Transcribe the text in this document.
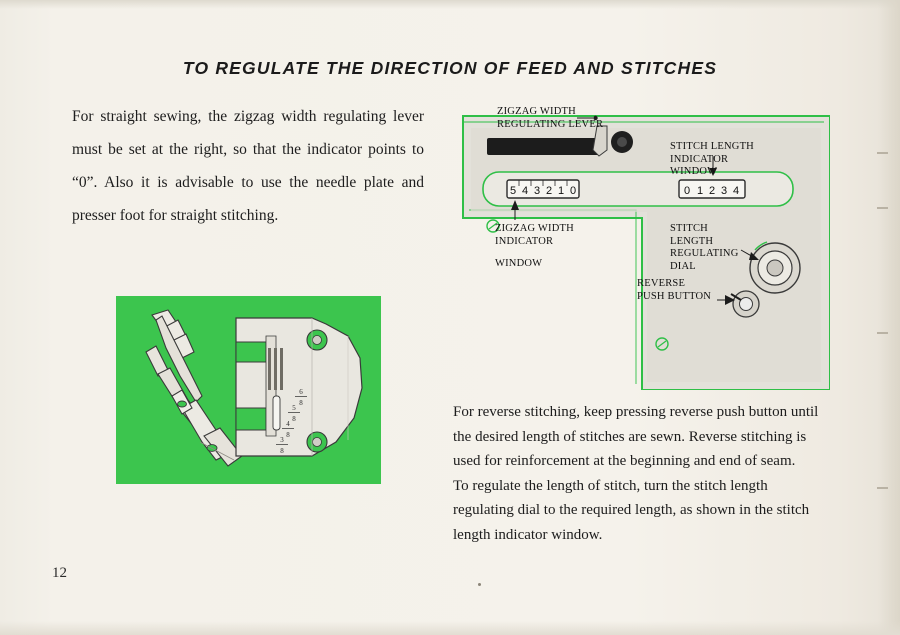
TO REGULATE THE DIRECTION OF FEED AND STITCHES
For straight sewing, the zigzag width regulating lever must be set at the right, so that the indicator points to “0”. Also it is advisable to use the needle plate and presser foot for straight stitching.
6
8
5
8
4
8
3
8
5 4 3 2 1 0	0 1 2 3 4
ZIGZAG WIDTH
REGULATING LEVER
STITCH LENGTH
INDICATOR
WINDOW
ZIGZAG WIDTH
INDICATOR
WINDOW
STITCH
LENGTH
REGULATING
DIAL
REVERSE
PUSH BUTTON

For reverse stitching, keep pressing reverse push button until the desired length of stitches are sewn. Reverse stitching is used for reinforcement at the beginning and end of seam.

To regulate the length of stitch, turn the stitch length regulating dial to the required length, as shown in the stitch length indicator window.

12
